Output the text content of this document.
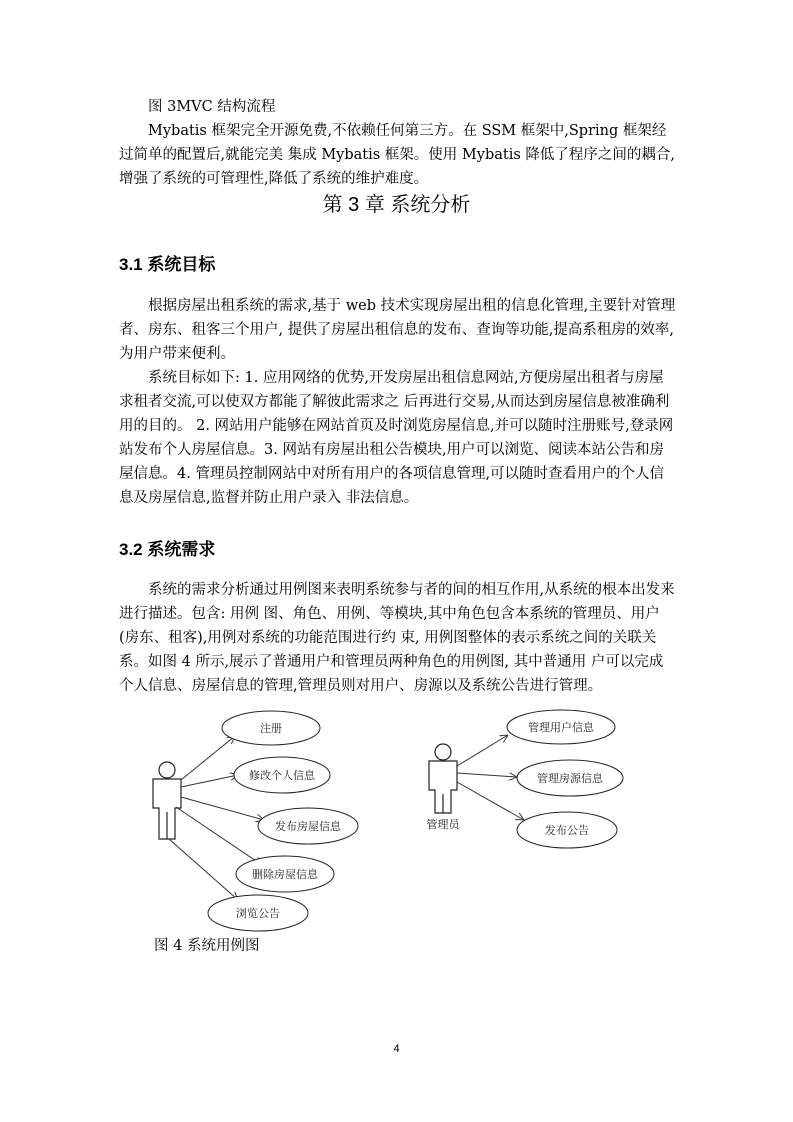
图 3MVC 结构流程

Mybatis 框架完全开源免费,不依赖任何第三方。在 SSM 框架中,Spring 框架经过简单的配置后,就能完美 集成 Mybatis 框架。使用 Mybatis 降低了程序之间的耦合,增强了系统的可管理性,降低了系统的维护难度。

第 3 章 系统分析
3.1 系统目标

根据房屋出租系统的需求,基于 web 技术实现房屋出租的信息化管理,主要针对管理者、房东、租客三个用户, 提供了房屋出租信息的发布、查询等功能,提高系租房的效率, 为用户带来便利。

系统目标如下: 1. 应用网络的优势,开发房屋出租信息网站,方便房屋出租者与房屋求租者交流,可以使双方都能了解彼此需求之 后再进行交易,从而达到房屋信息被准确利用的目的。 2. 网站用户能够在网站首页及时浏览房屋信息,并可以随时注册账号,登录网站发布个人房屋信息。3. 网站有房屋出租公告模块,用户可以浏览、阅读本站公告和房屋信息。4. 管理员控制网站中对所有用户的各项信息管理,可以随时查看用户的个人信息及房屋信息,监督并防止用户录入 非法信息。

3.2 系统需求

系统的需求分析通过用例图来表明系统参与者的间的相互作用,从系统的根本出发来进行描述。包含: 用例 图、角色、用例、等模块,其中角色包含本系统的管理员、用户(房东、租客),用例对系统的功能范围进行约 束, 用例图整体的表示系统之间的关联关系。如图 4 所示,展示了普通用户和管理员两种角色的用例图, 其中普通用 户可以完成个人信息、房屋信息的管理,管理员则对用户、房源以及系统公告进行管理。

注册
修改个人信息
发布房屋信息
删除房屋信息
浏览公告
管理员
管理用户信息
管理房源信息
发布公告
图 4 系统用例图
4
